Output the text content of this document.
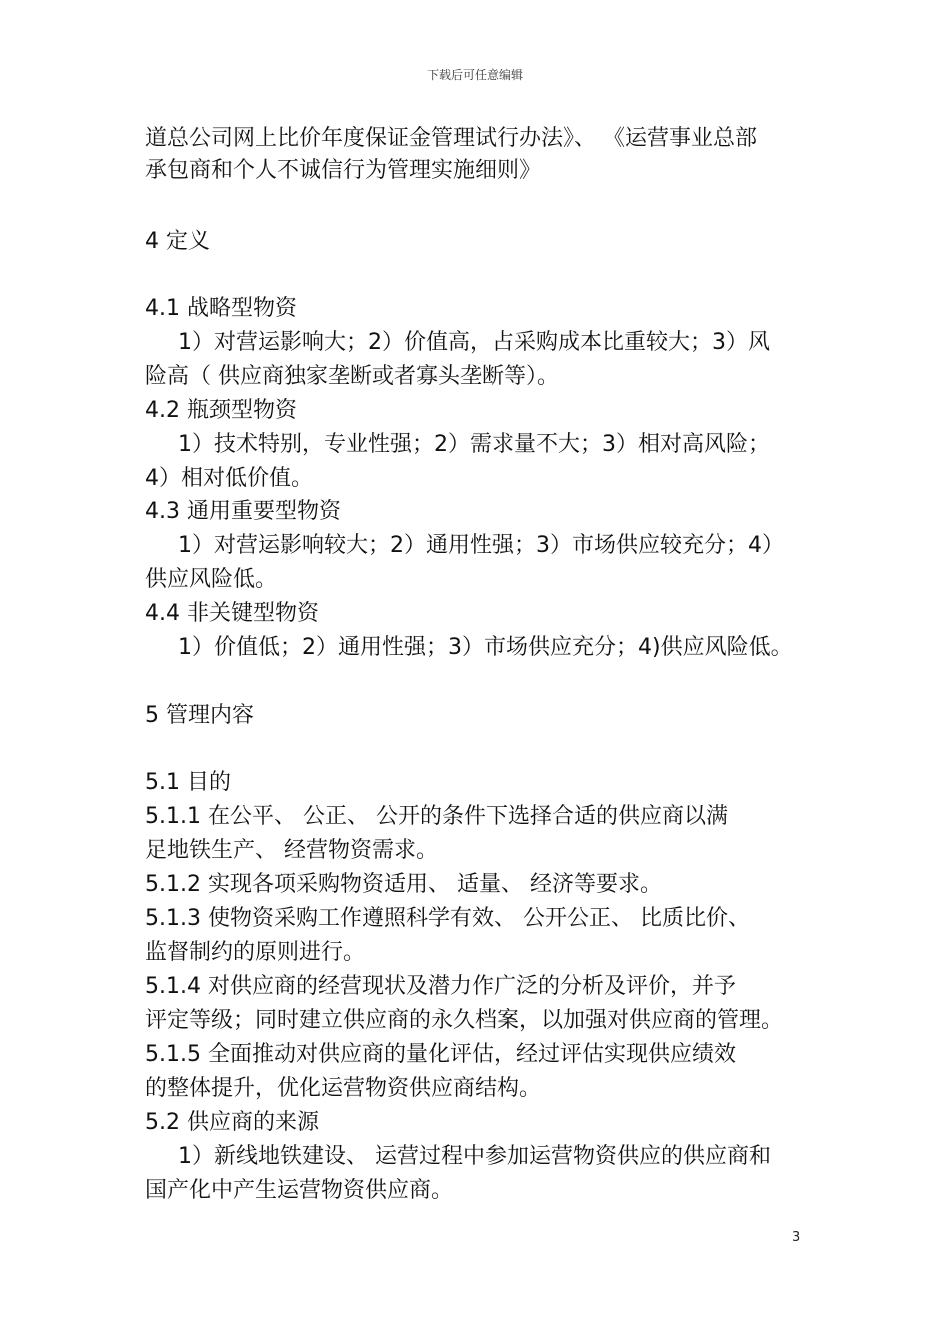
下载后可任意编辑
道总公司网上比价年度保证金管理试行办法》、 《运营事业总部
承包商和个人不诚信行为管理实施细则》
4 定义
4.1 战略型物资
1）对营运影响大；2）价值高，占采购成本比重较大；3）风
险高（ 供应商独家垄断或者寡头垄断等）。
4.2 瓶颈型物资
1）技术特别，专业性强；2）需求量不大；3）相对高风险；
4）相对低价值。
4.3 通用重要型物资
1）对营运影响较大；2）通用性强；3）市场供应较充分；4）
供应风险低。
4.4 非关键型物资
1）价值低；2）通用性强；3）市场供应充分；4)供应风险低。
5 管理内容
5.1 目的
5.1.1 在公平、 公正、 公开的条件下选择合适的供应商以满
足地铁生产、 经营物资需求。
5.1.2 实现各项采购物资适用、 适量、 经济等要求。
5.1.3 使物资采购工作遵照科学有效、 公开公正、 比质比价、
监督制约的原则进行。
5.1.4 对供应商的经营现状及潜力作广泛的分析及评价，并予
评定等级；同时建立供应商的永久档案，以加强对供应商的管理。
5.1.5 全面推动对供应商的量化评估，经过评估实现供应绩效
的整体提升，优化运营物资供应商结构。
5.2 供应商的来源
1）新线地铁建设、 运营过程中参加运营物资供应的供应商和
国产化中产生运营物资供应商。
3
